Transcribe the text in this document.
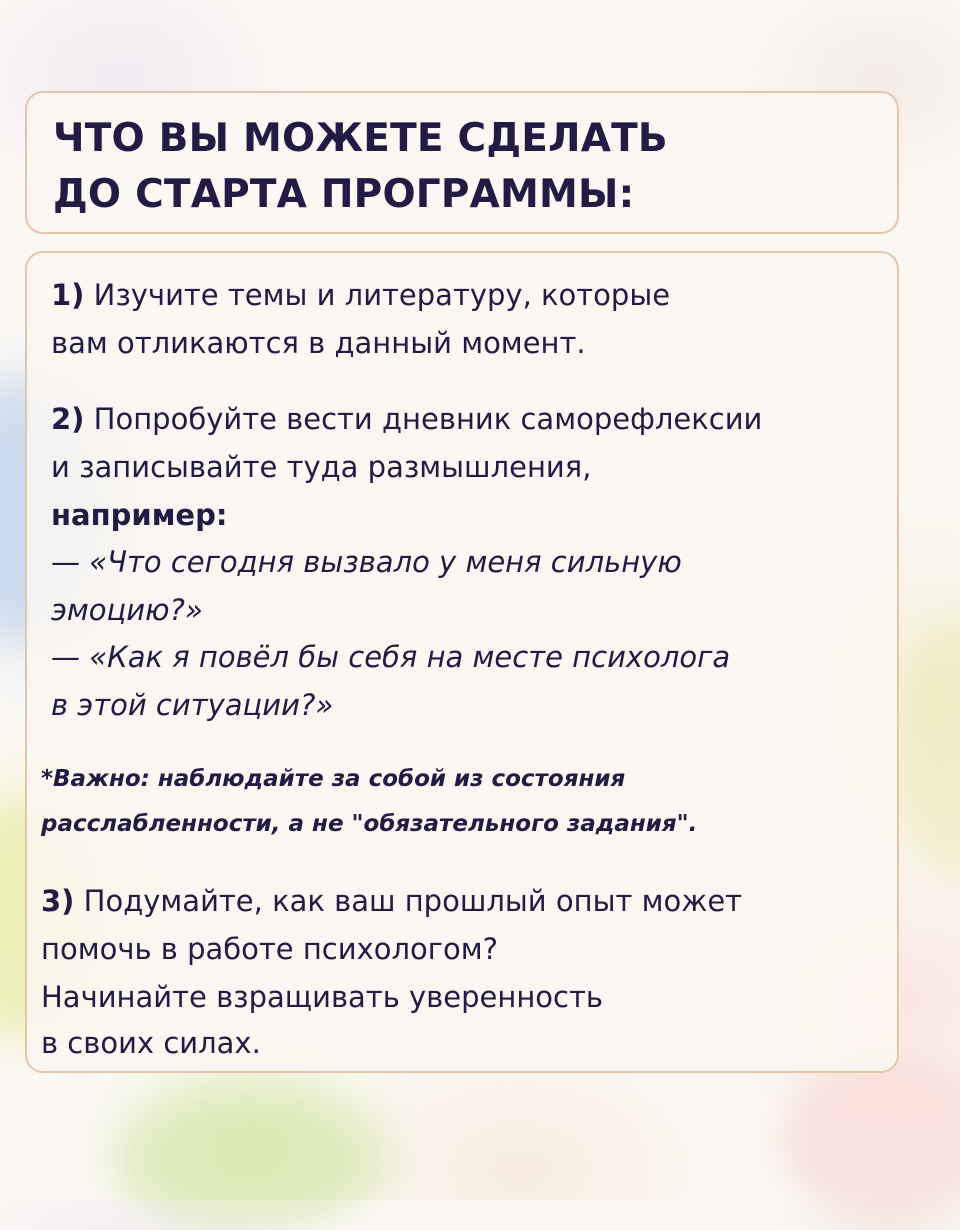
ЧТО ВЫ МОЖЕТЕ СДЕЛАТЬ
ДО СТАРТА ПРОГРАММЫ:
1) Изучите темы и литературу, которые
вам отликаются в данный момент.
2) Попробуйте вести дневник саморефлексии
и записывайте туда размышления,
например:
— «Что сегодня вызвало у меня сильную
эмоцию?»
— «Как я повёл бы себя на месте психолога
в этой ситуации?»
*Важно: наблюдайте за собой из состояния
расслабленности, а не "обязательного задания".
3) Подумайте, как ваш прошлый опыт может
помочь в работе психологом?
Начинайте взращивать уверенность
в своих силах.
